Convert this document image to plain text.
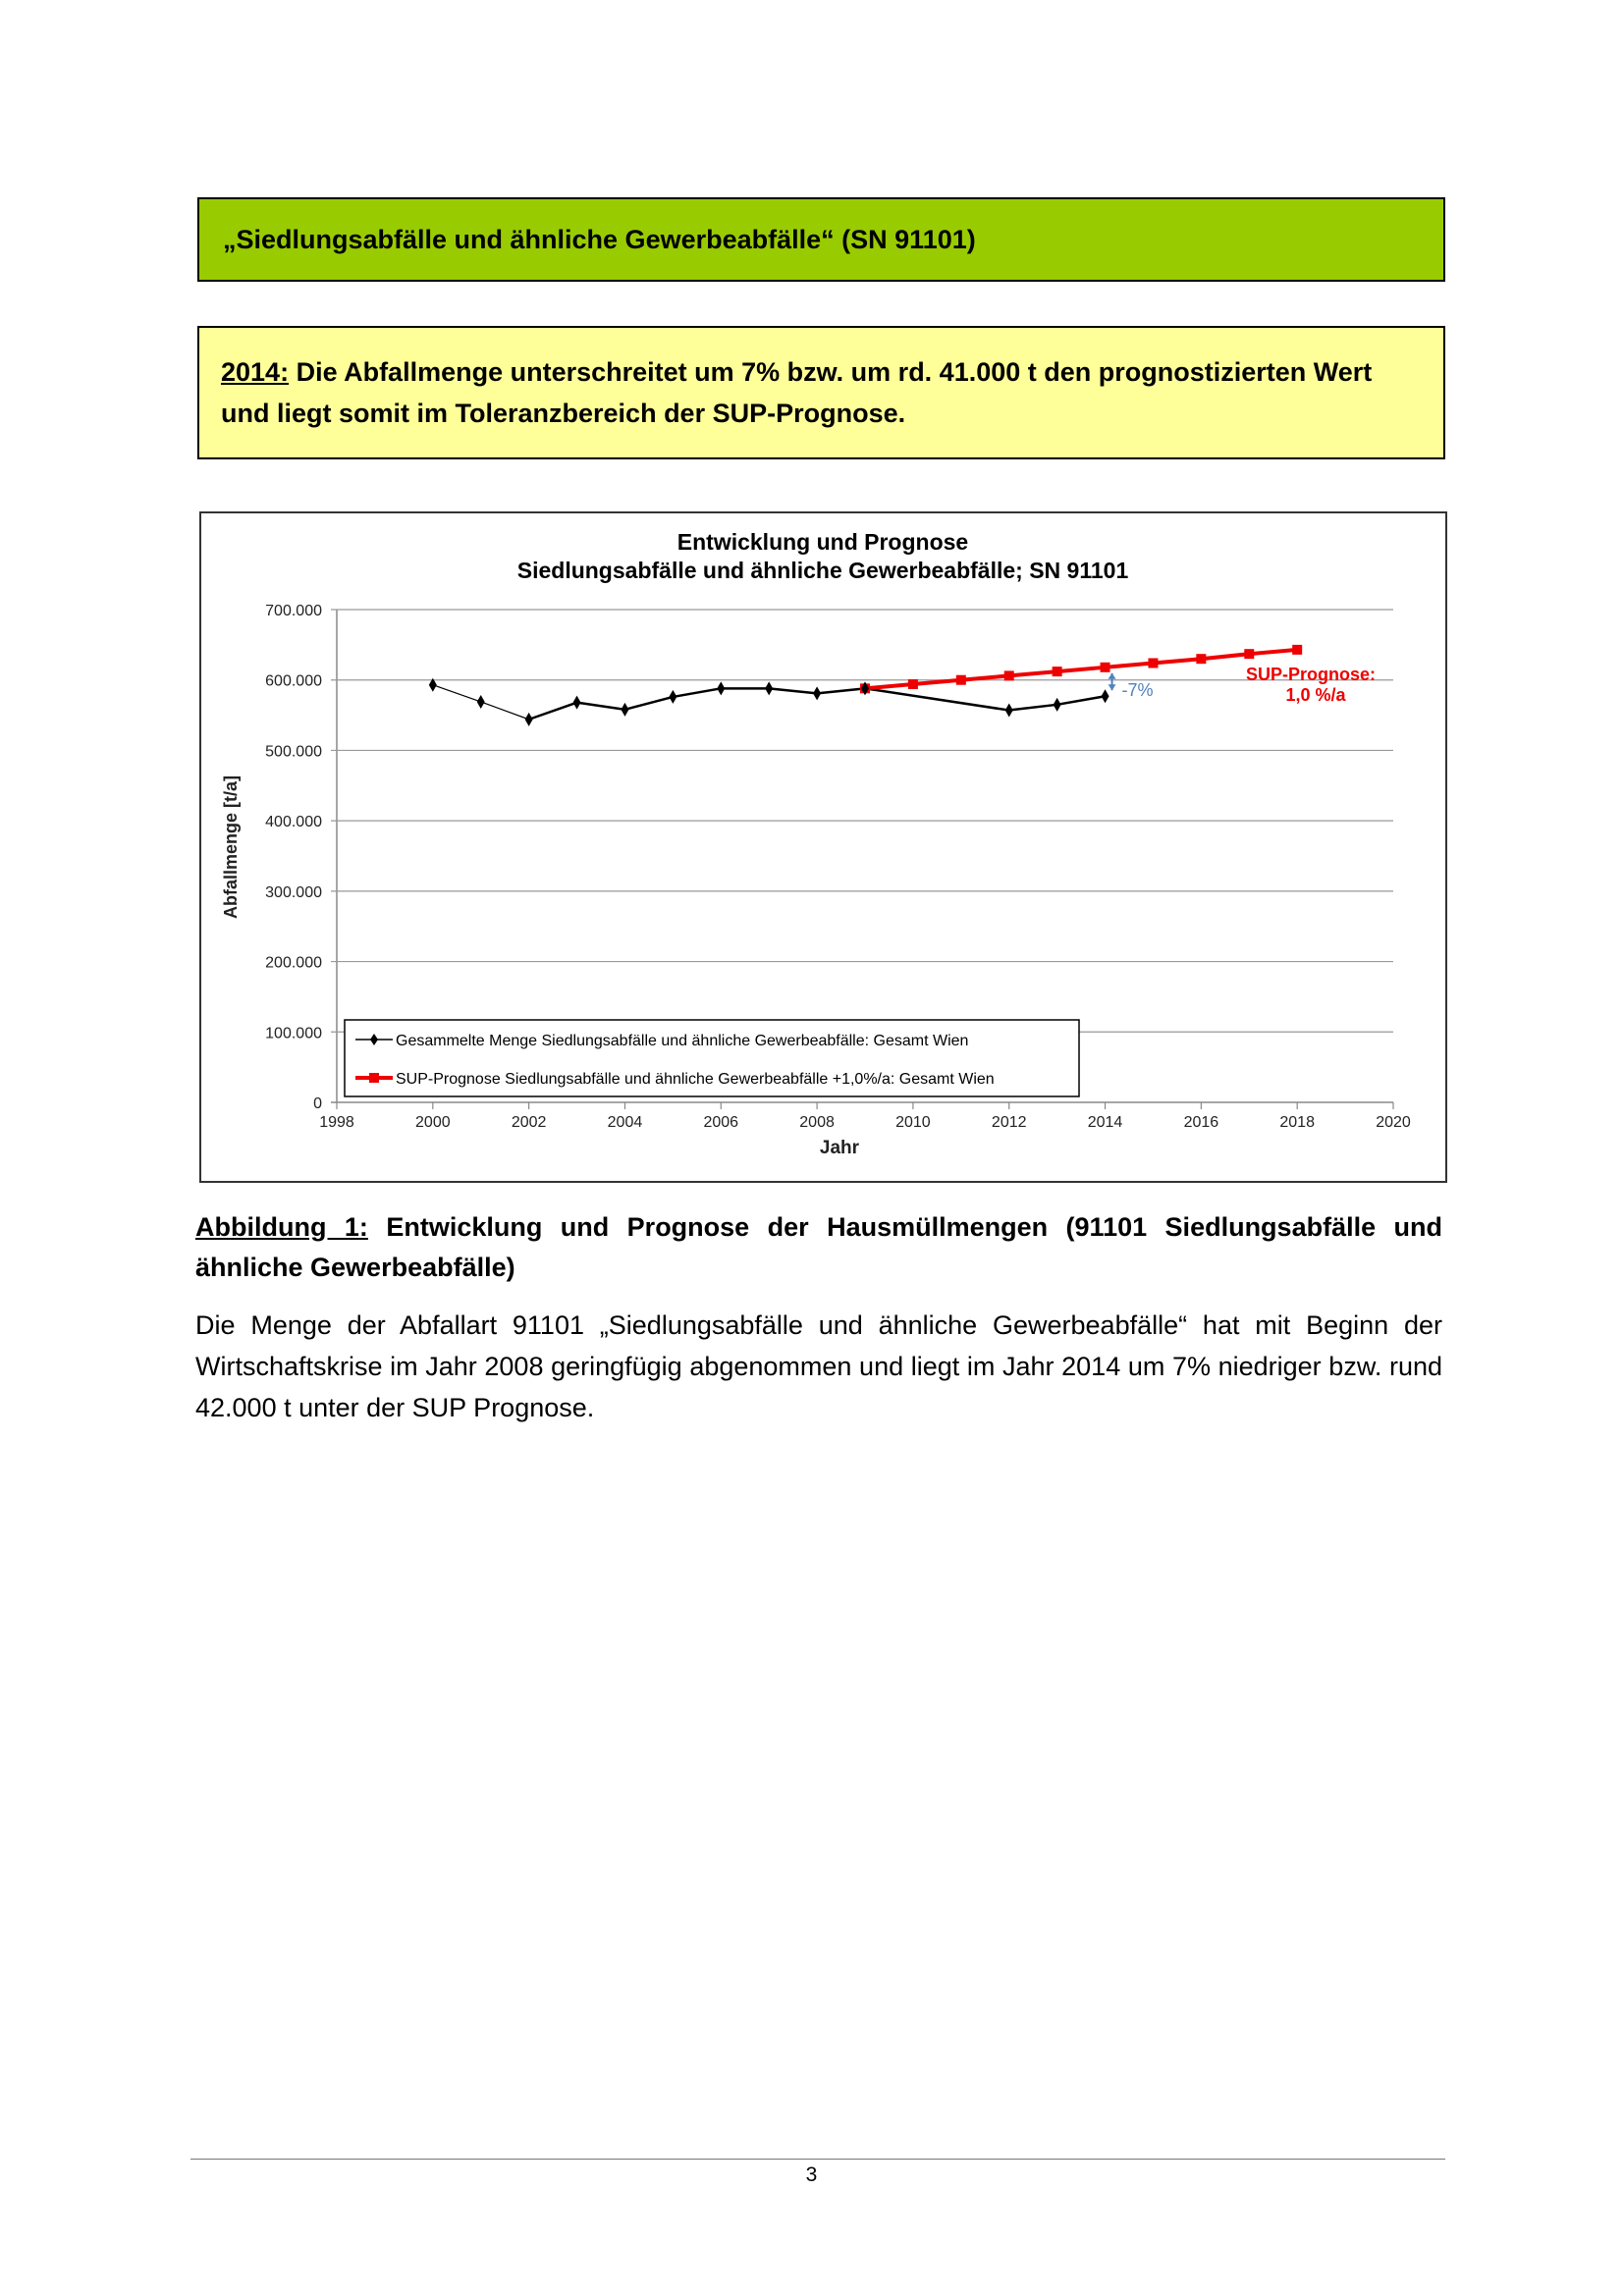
„Siedlungsabfälle und ähnliche Gewerbeabfälle“ (SN 91101)
2014: Die Abfallmenge unterschreitet um 7% bzw. um rd. 41.000 t den prognostizierten Wert und liegt somit im Toleranzbereich der SUP-Prognose.
Entwicklung und Prognose
Siedlungsabfälle und ähnliche Gewerbeabfälle; SN 91101
0
100.000
200.000
300.000
400.000
500.000
600.000
700.000
1998	2000	2002	2004	2006	2008	2010	2012	2014	2016	2018	2020
Jahr
Abfallmenge [t/a]
SUP-Prognose:
1,0 %/a
-7%
Gesammelte Menge Siedlungsabfälle und ähnliche Gewerbeabfälle: Gesamt Wien
SUP-Prognose Siedlungsabfälle und ähnliche Gewerbeabfälle +1,0%/a: Gesamt Wien
Abbildung 1: Entwicklung und Prognose der Hausmüllmengen (91101 Siedlungsabfälle und ähnliche Gewerbeabfälle)
Die Menge der Abfallart 91101 „Siedlungsabfälle und ähnliche Gewerbeabfälle“ hat mit Beginn der Wirtschaftskrise im Jahr 2008 geringfügig abgenommen und liegt im Jahr 2014 um 7% niedriger bzw. rund 42.000 t unter der SUP Prognose.
3
